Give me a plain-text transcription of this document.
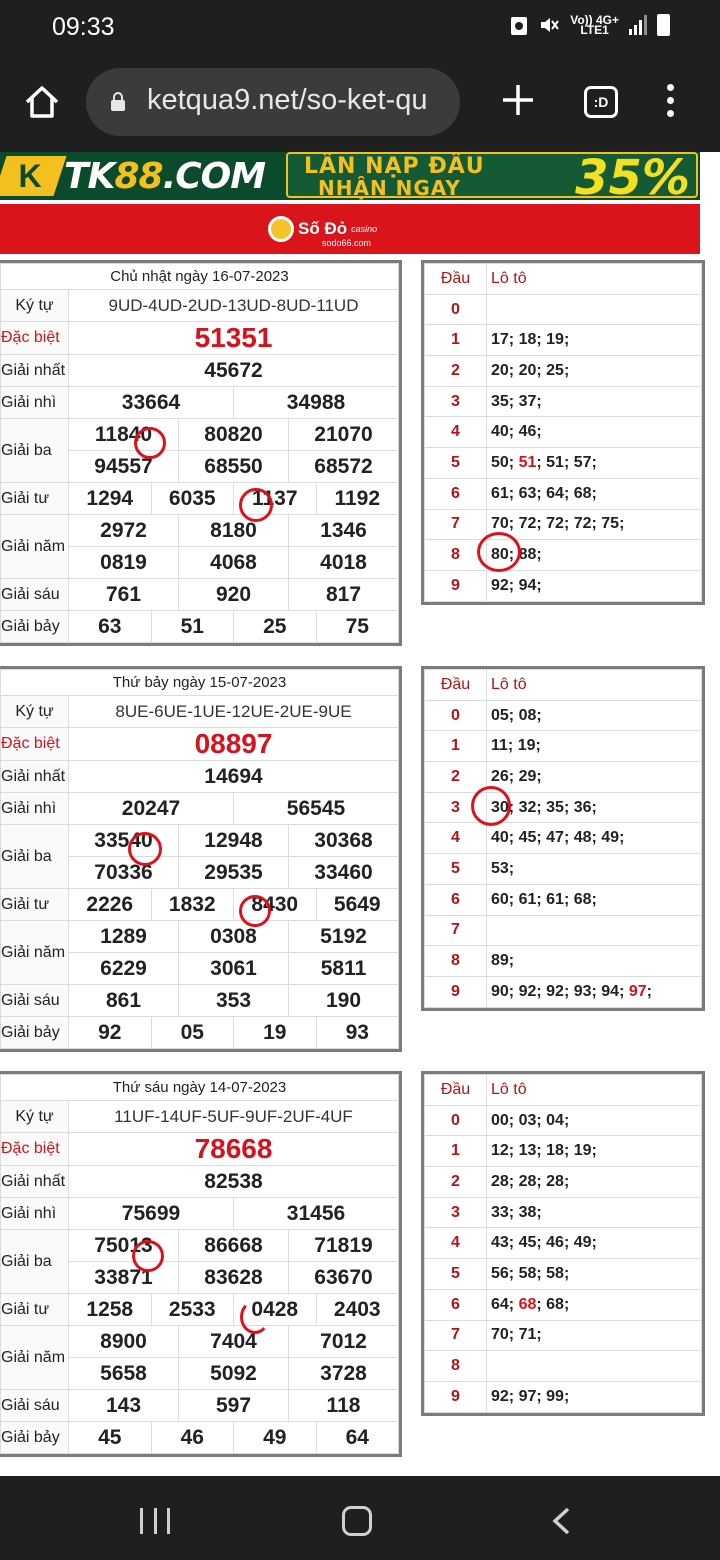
09:33	Vo)) 4G+
LTE1
ketqua9.net/so-ket-qu	:D
K TK88.COM LẦN NẠP ĐẦU
NHẬN NGAY 35%
Số Đỏ casino
sodo66.com
Chủ nhật ngày 16-07-2023						
Ký tự	9UD-4UD-2UD-13UD-8UD-11UD					
Đặc biệt	51351					
Giải nhất	45672					
Giải nhì	33664			34988		
Giải ba	11840		80820		21070	
	94557		68550		68572	
Giải tư	1294	6035		1137		1192
Giải năm	2972		8180		1346	
	0819		4068		4018	
Giải sáu	761		920		817	
Giải bảy	63	51		25		75
Đầu	Lô tô
0	
1	17; 18; 19;
2	20; 20; 25;
3	35; 37;
4	40; 46;
5	50; 51; 51; 57;
6	61; 63; 64; 68;
7	70; 72; 72; 72; 75;
8	80; 88;
9	92; 94;
Thứ bảy ngày 15-07-2023						
Ký tự	8UE-6UE-1UE-12UE-2UE-9UE					
Đặc biệt	08897					
Giải nhất	14694					
Giải nhì	20247			56545		
Giải ba	33540		12948		30368	
	70336		29535		33460	
Giải tư	2226	1832		8430		5649
Giải năm	1289		0308		5192	
	6229		3061		5811	
Giải sáu	861		353		190	
Giải bảy	92	05		19		93
Đầu	Lô tô
0	05; 08;
1	11; 19;
2	26; 29;
3	30; 32; 35; 36;
4	40; 45; 47; 48; 49;
5	53;
6	60; 61; 61; 68;
7	
8	89;
9	90; 92; 92; 93; 94; 97;
Thứ sáu ngày 14-07-2023						
Ký tự	11UF-14UF-5UF-9UF-2UF-4UF					
Đặc biệt	78668					
Giải nhất	82538					
Giải nhì	75699			31456		
Giải ba	75013		86668		71819	
	33871		83628		63670	
Giải tư	1258	2533		0428		2403
Giải năm	8900		7404		7012	
	5658		5092		3728	
Giải sáu	143		597		118	
Giải bảy	45	46		49		64
Đầu	Lô tô
0	00; 03; 04;
1	12; 13; 18; 19;
2	28; 28; 28;
3	33; 38;
4	43; 45; 46; 49;
5	56; 58; 58;
6	64; 68; 68;
7	70; 71;
8	
9	92; 97; 99;
